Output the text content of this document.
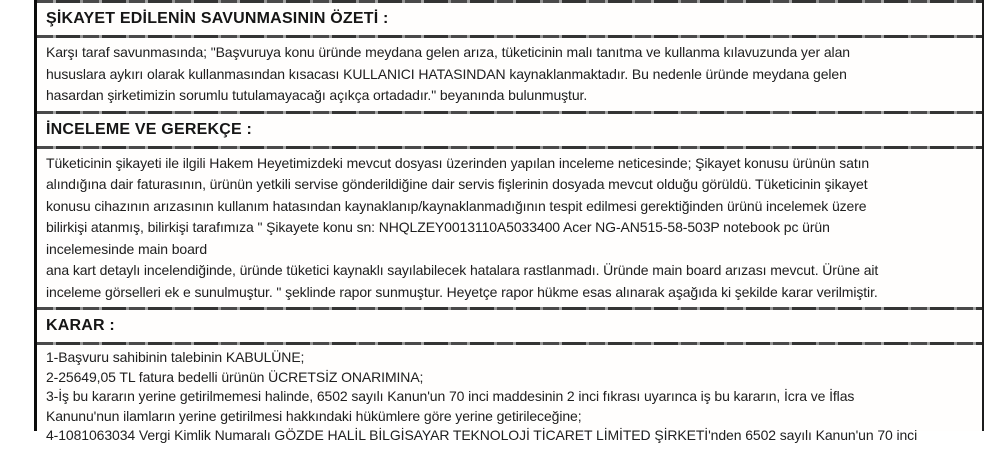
ŞİKAYET EDİLENİN SAVUNMASININ ÖZETİ :
Karşı taraf savunmasında; "Başvuruya konu üründe meydana gelen arıza, tüketicinin malı tanıtma ve kullanma kılavuzunda yer alan
hususlara aykırı olarak kullanmasından kısacası KULLANICI HATASINDAN kaynaklanmaktadır. Bu nedenle üründe meydana gelen
hasardan şirketimizin sorumlu tutulamayacağı açıkça ortadadır." beyanında bulunmuştur.
İNCELEME VE GEREKÇE :
Tüketicinin şikayeti ile ilgili Hakem Heyetimizdeki mevcut dosyası üzerinden yapılan inceleme neticesinde; Şikayet konusu ürünün satın
alındığına dair faturasının, ürünün yetkili servise gönderildiğine dair servis fişlerinin dosyada mevcut olduğu görüldü. Tüketicinin şikayet
konusu cihazının arızasının kullanım hatasından kaynaklanıp/kaynaklanmadığının tespit edilmesi gerektiğinden ürünü incelemek üzere
bilirkişi atanmış, bilirkişi tarafımıza " Şikayete konu sn: NHQLZEY0013110A5033400 Acer NG-AN515-58-503P notebook pc ürün
incelemesinde main board
ana kart detaylı incelendiğinde, üründe tüketici kaynaklı sayılabilecek hatalara rastlanmadı. Üründe main board arızası mevcut. Ürüne ait
inceleme görselleri ek e sunulmuştur. " şeklinde rapor sunmuştur. Heyetçe rapor hükme esas alınarak aşağıda ki şekilde karar verilmiştir.
KARAR :
1-Başvuru sahibinin talebinin KABULÜNE;
2-25649,05 TL fatura bedelli ürünün ÜCRETSİZ ONARIMINA;
3-İş bu kararın yerine getirilmemesi halinde, 6502 sayılı Kanun'un 70 inci maddesinin 2 inci fıkrası uyarınca iş bu kararın, İcra ve İflas
Kanunu'nun ilamların yerine getirilmesi hakkındaki hükümlere göre yerine getirileceğine;
4-1081063034 Vergi Kimlik Numaralı GÖZDE HALİL BİLGİSAYAR TEKNOLOJİ TİCARET LİMİTED ŞİRKETİ'nden 6502 sayılı Kanun'un 70 inci
